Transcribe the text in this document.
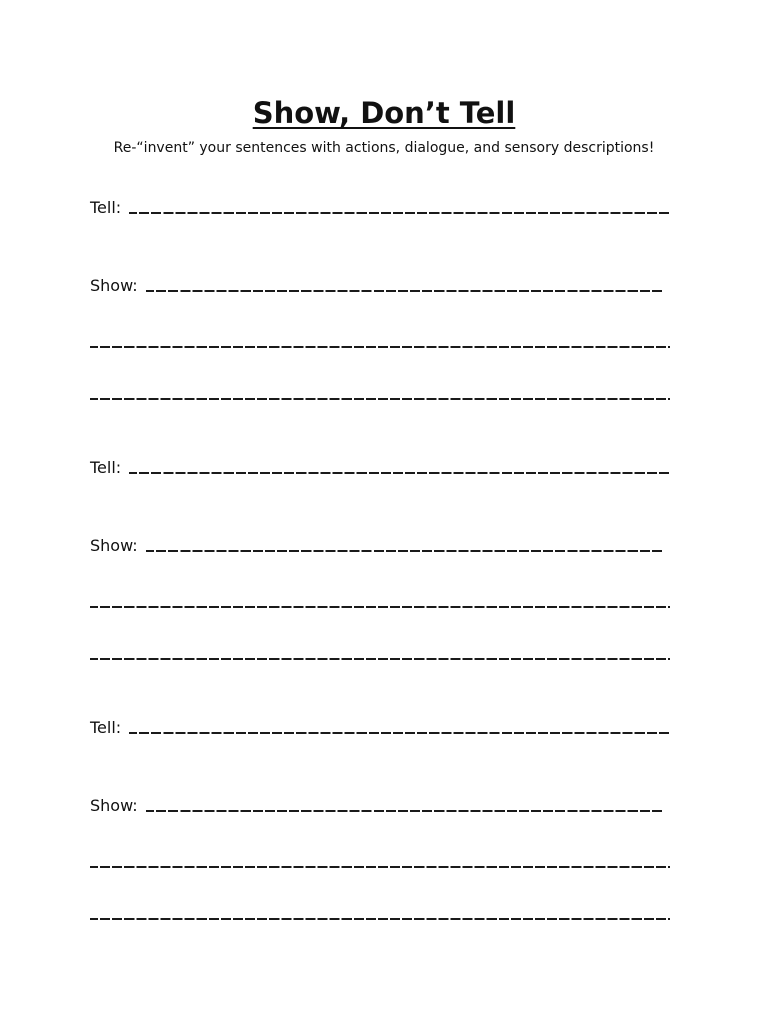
Show, Don’t Tell

Re-“invent” your sentences with actions, dialogue, and sensory descriptions!

Tell:
Show:
Tell:
Show:
Tell:
Show:
